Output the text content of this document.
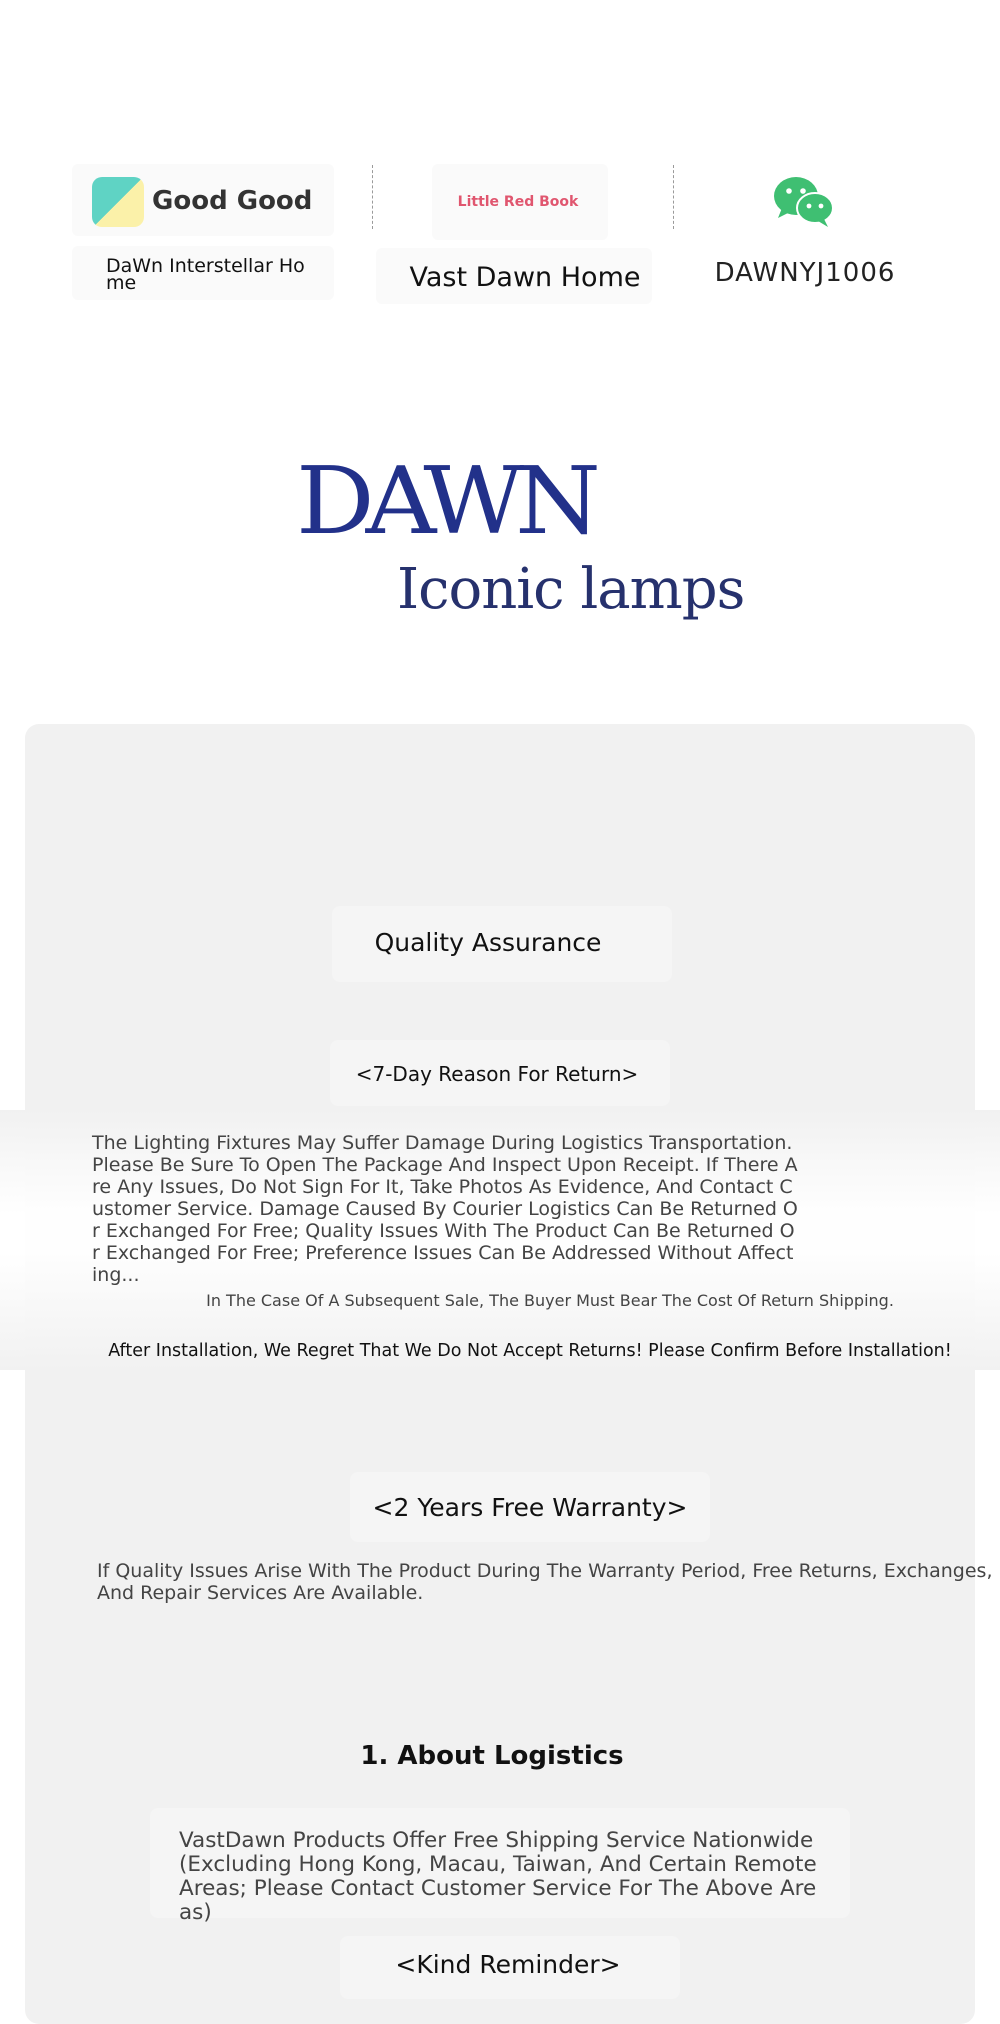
Good Good
DaWn Interstellar Home
Little Red Book
Vast Dawn Home	DAWNYJ1006
DAWN
Iconic lamps
Quality Assurance
<7-Day Reason For Return>
The Lighting Fixtures May Suffer Damage During Logistics Transportation. Please Be Sure To Open The Package And Inspect Upon Receipt. If There Are Any Issues, Do Not Sign For It, Take Photos As Evidence, And Contact Customer Service. Damage Caused By Courier Logistics Can Be Returned Or Exchanged For Free; Quality Issues With The Product Can Be Returned Or Exchanged For Free; Preference Issues Can Be Addressed Without Affecting...
In The Case Of A Subsequent Sale, The Buyer Must Bear The Cost Of Return Shipping.
After Installation, We Regret That We Do Not Accept Returns! Please Confirm Before Installation!
<2 Years Free Warranty>
If Quality Issues Arise With The Product During The Warranty Period, Free Returns, Exchanges, And Repair Services Are Available.
1. About Logistics
VastDawn Products Offer Free Shipping Service Nationwide (Excluding Hong Kong, Macau, Taiwan, And Certain Remote Areas; Please Contact Customer Service For The Above Areas)
<Kind Reminder>
